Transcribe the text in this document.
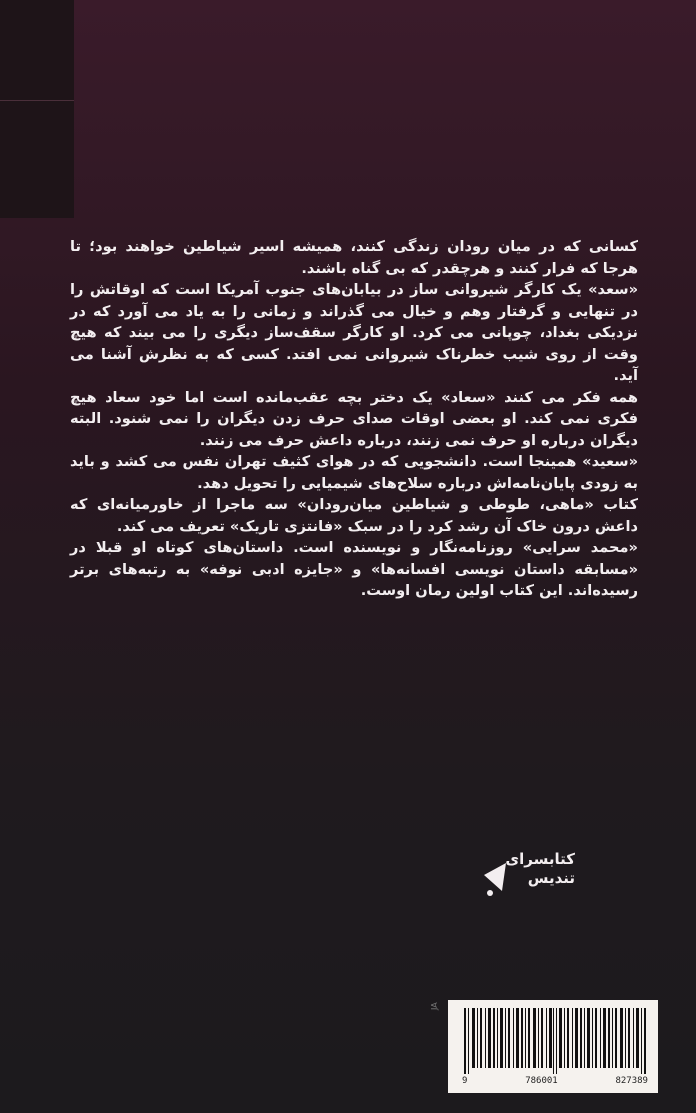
کسانی که در میان رودان زندگی کنند، همیشه اسیر شیاطین خواهند بود؛ تا هرجا که فرار کنند و هرچقدر که بی گناه باشند.

«سعد» یک کارگر شیروانی ساز در بیابان‌های جنوب آمریکا است که اوقاتش را در تنهایی و گرفتار وهم و خیال می گذراند و زمانی را به یاد می آورد که در نزدیکی بغداد، چوپانی می کرد. او کارگر سقف‌ساز دیگری را می بیند که هیچ وقت از روی شیب خطرناک شیروانی نمی افتد. کسی که به نظرش آشنا می آید.

همه فکر می کنند «سعاد» یک دختر بچه عقب‌مانده است اما خود سعاد هیچ فکری نمی کند. او بعضی اوقات صدای حرف زدن دیگران را نمی شنود. البته دیگران درباره او حرف نمی زنند، درباره داعش حرف می زنند.

«سعید» همینجا است. دانشجویی که در هوای کثیف تهران نفس می کشد و باید به زودی پایان‌نامه‌اش درباره سلاح‌های شیمیایی را تحویل دهد.

کتاب «ماهی، طوطی و شیاطین میان‌رودان» سه ماجرا از خاورمیانه‌ای که داعش درون خاک آن رشد کرد را در سبک «فانتزی تاریک» تعریف می کند.

«محمد سرایی» روزنامه‌نگار و نویسنده است. داستان‌های کوتاه او قبلا در «مسابقه داستان نویسی افسانه‌ها» و «جایزه ادبی نوفه» به رتبه‌های برتر رسیده‌اند. این کتاب اولین رمان اوست.

کتابسرای
تندیس
JA
9	786001	827389
